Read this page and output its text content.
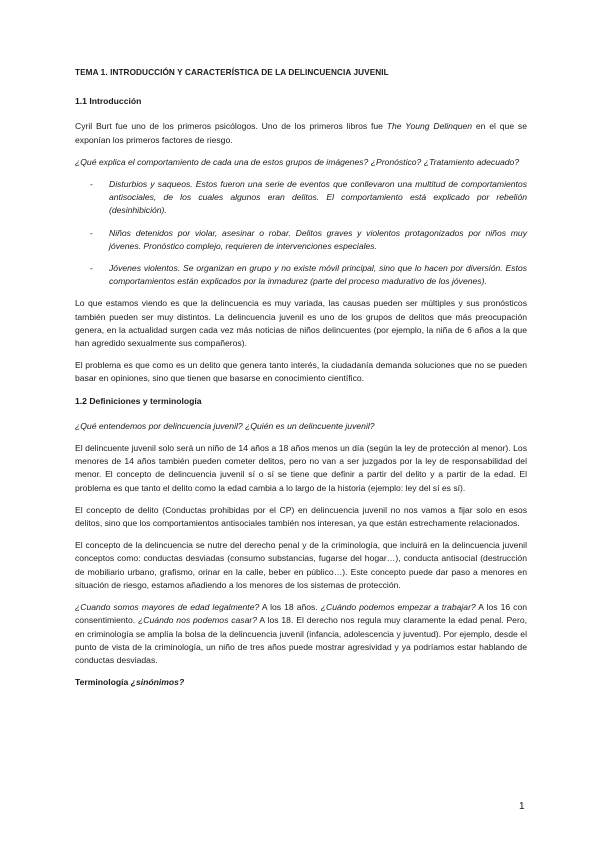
TEMA 1. INTRODUCCIÓN Y CARACTERÍSTICA DE LA DELINCUENCIA JUVENIL
1.1 Introducción

Cyril Burt fue uno de los primeros psicólogos. Uno de los primeros libros fue The Young Delinquen en el que se exponían los primeros factores de riesgo.

¿Qué explica el comportamiento de cada una de estos grupos de imágenes? ¿Pronóstico? ¿Tratamiento adecuado?

- Disturbios y saqueos. Estos fueron una serie de eventos que conllevaron una multitud de comportamientos antisociales, de los cuales algunos eran delitos. El comportamiento está explicado por rebelión (desinhibición).
- Niños detenidos por violar, asesinar o robar. Delitos graves y violentos protagonizados por niños muy jóvenes. Pronóstico complejo, requieren de intervenciones especiales.
- Jóvenes violentos. Se organizan en grupo y no existe móvil principal, sino que lo hacen por diversión. Estos comportamientos están explicados por la inmadurez (parte del proceso madurativo de los jóvenes).

Lo que estamos viendo es que la delincuencia es muy variada, las causas pueden ser múltiples y sus pronósticos también pueden ser muy distintos. La delincuencia juvenil es uno de los grupos de delitos que más preocupación genera, en la actualidad surgen cada vez más noticias de niños delincuentes (por ejemplo, la niña de 6 años a la que han agredido sexualmente sus compañeros).

El problema es que como es un delito que genera tanto interés, la ciudadanía demanda soluciones que no se pueden basar en opiniones, sino que tienen que basarse en conocimiento científico.

1.2 Definiciones y terminología

¿Qué entendemos por delincuencia juvenil? ¿Quién es un delincuente juvenil?

El delincuente juvenil solo será un niño de 14 años a 18 años menos un día (según la ley de protección al menor). Los menores de 14 años también pueden cometer delitos, pero no van a ser juzgados por la ley de responsabilidad del menor. El concepto de delincuencia juvenil sí o sí se tiene que definir a partir del delito y a partir de la edad. El problema es que tanto el delito como la edad cambia a lo largo de la historia (ejemplo: ley del sí es sí).

El concepto de delito (Conductas prohibidas por el CP) en delincuencia juvenil no nos vamos a fijar solo en esos delitos, sino que los comportamientos antisociales también nos interesan, ya que están estrechamente relacionados.

El concepto de la delincuencia se nutre del derecho penal y de la criminología, que incluirá en la delincuencia juvenil conceptos como: conductas desviadas (consumo substancias, fugarse del hogar…), conducta antisocial (destrucción de mobiliario urbano, grafismo, orinar en la calle, beber en público…). Este concepto puede dar paso a menores en situación de riesgo, estamos añadiendo a los menores de los sistemas de protección.

¿Cuando somos mayores de edad legalmente? A los 18 años. ¿Cuándo podemos empezar a trabajar? A los 16 con consentimiento. ¿Cuándo nos podemos casar? A los 18. El derecho nos regula muy claramente la edad penal. Pero, en criminología se amplía la bolsa de la delincuencia juvenil (infancia, adolescencia y juventud). Por ejemplo, desde el punto de vista de la criminología, un niño de tres años puede mostrar agresividad y ya podríamos estar hablando de conductas desviadas.

Terminología ¿sinónimos?
1
